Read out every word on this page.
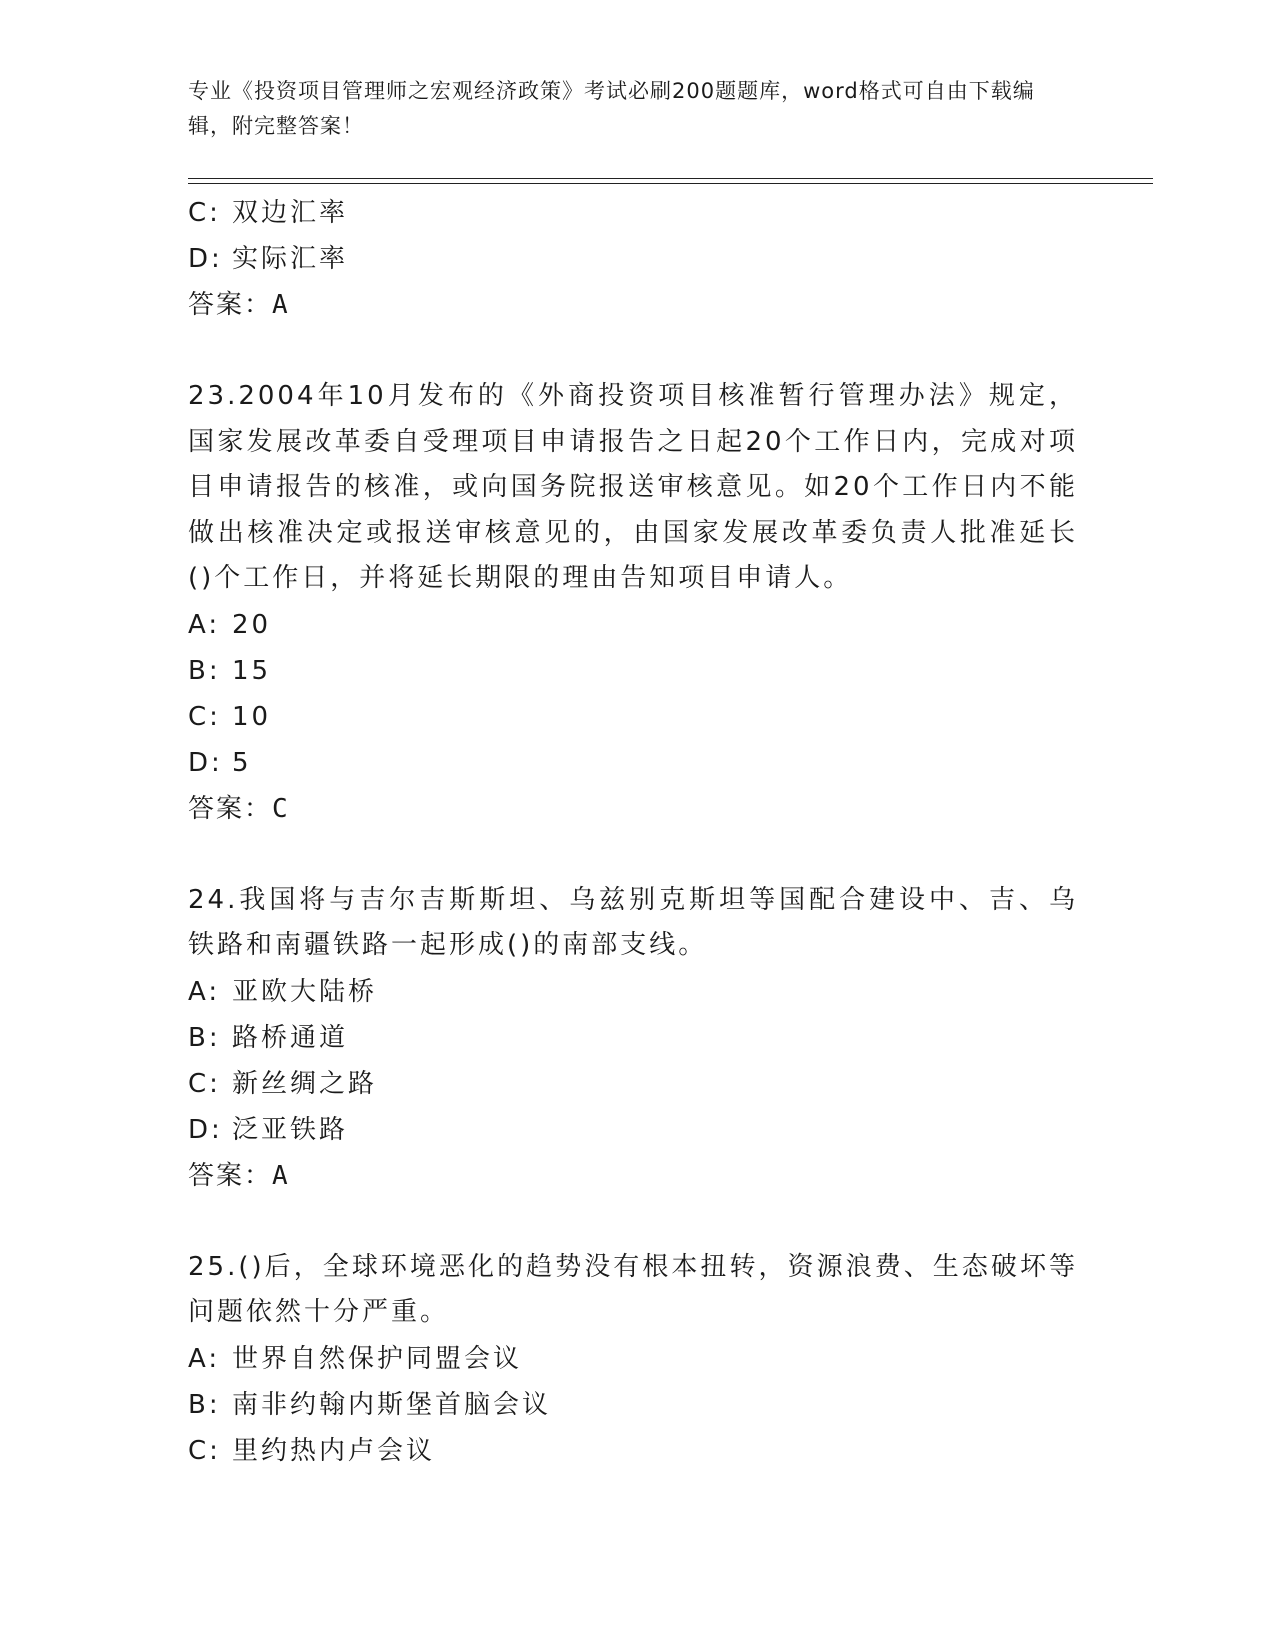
专业《投资项目管理师之宏观经济政策》考试必刷200题题库，word格式可自由下载编辑，附完整答案！
C: 双边汇率
D: 实际汇率
答案：A
23.2004年10月发布的《外商投资项目核准暂行管理办法》规定，国家发展改革委自受理项目申请报告之日起20个工作日内，完成对项目申请报告的核准，或向国务院报送审核意见。如20个工作日内不能做出核准决定或报送审核意见的，由国家发展改革委负责人批准延长()个工作日，并将延长期限的理由告知项目申请人。
A: 20
B: 15
C: 10
D: 5
答案：C
24.我国将与吉尔吉斯斯坦、乌兹别克斯坦等国配合建设中、吉、乌铁路和南疆铁路一起形成()的南部支线。
A: 亚欧大陆桥
B: 路桥通道
C: 新丝绸之路
D: 泛亚铁路
答案：A
25.()后，全球环境恶化的趋势没有根本扭转，资源浪费、生态破坏等问题依然十分严重。
A: 世界自然保护同盟会议
B: 南非约翰内斯堡首脑会议
C: 里约热内卢会议
